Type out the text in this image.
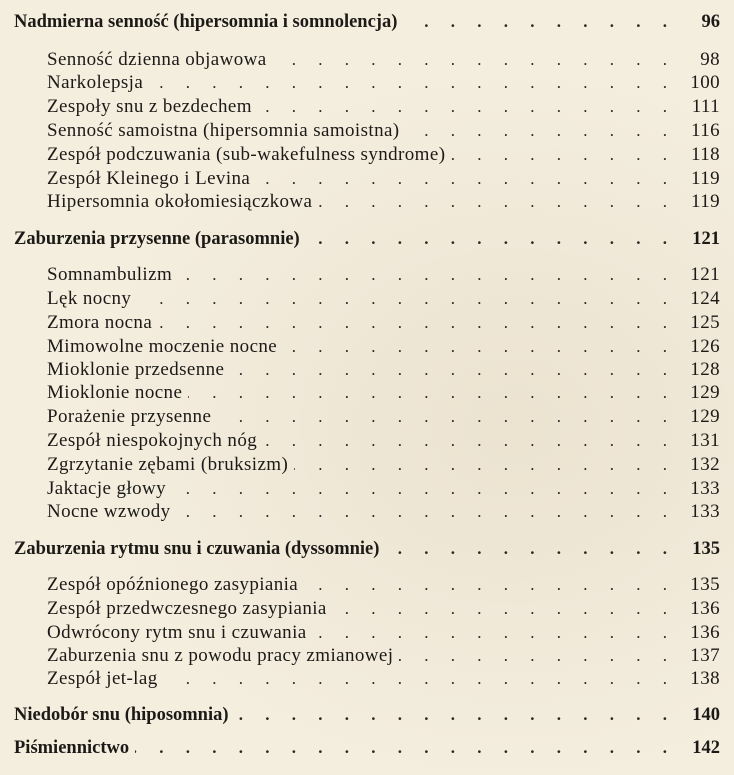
Nadmierna senność (hipersomnia i somnolencja) . . .	96
Senność dzienna objawowa . . .	98
Narkolepsja . . .	100
Zespoły snu z bezdechem . . .	111
Senność samoistna (hipersomnia samoistna) . . .	116
Zespół podczuwania (sub-wakefulness syndrome) . . .	118
Zespół Kleinego i Levina . . .	119
Hipersomnia okołomiesiączkowa . . .	119
Zaburzenia przysenne (parasomnie) . . .	121
Somnambulizm . . .	121
Lęk nocny . . .	124
Zmora nocna . . .	125
Mimowolne moczenie nocne . . .	126
Mioklonie przedsenne . . .	128
Mioklonie nocne . . .	129
Porażenie przysenne . . .	129
Zespół niespokojnych nóg . . .	131
Zgrzytanie zębami (bruksizm) . . .	132
Jaktacje głowy . . .	133
Nocne wzwody . . .	133
Zaburzenia rytmu snu i czuwania (dyssomnie) . . .	135
Zespół opóźnionego zasypiania . . .	135
Zespół przedwczesnego zasypiania . . .	136
Odwrócony rytm snu i czuwania . . .	136
Zaburzenia snu z powodu pracy zmianowej . . .	137
Zespół jet-lag . . .	138
Niedobór snu (hiposomnia) . . .	140
Piśmiennictwo . . .	142
